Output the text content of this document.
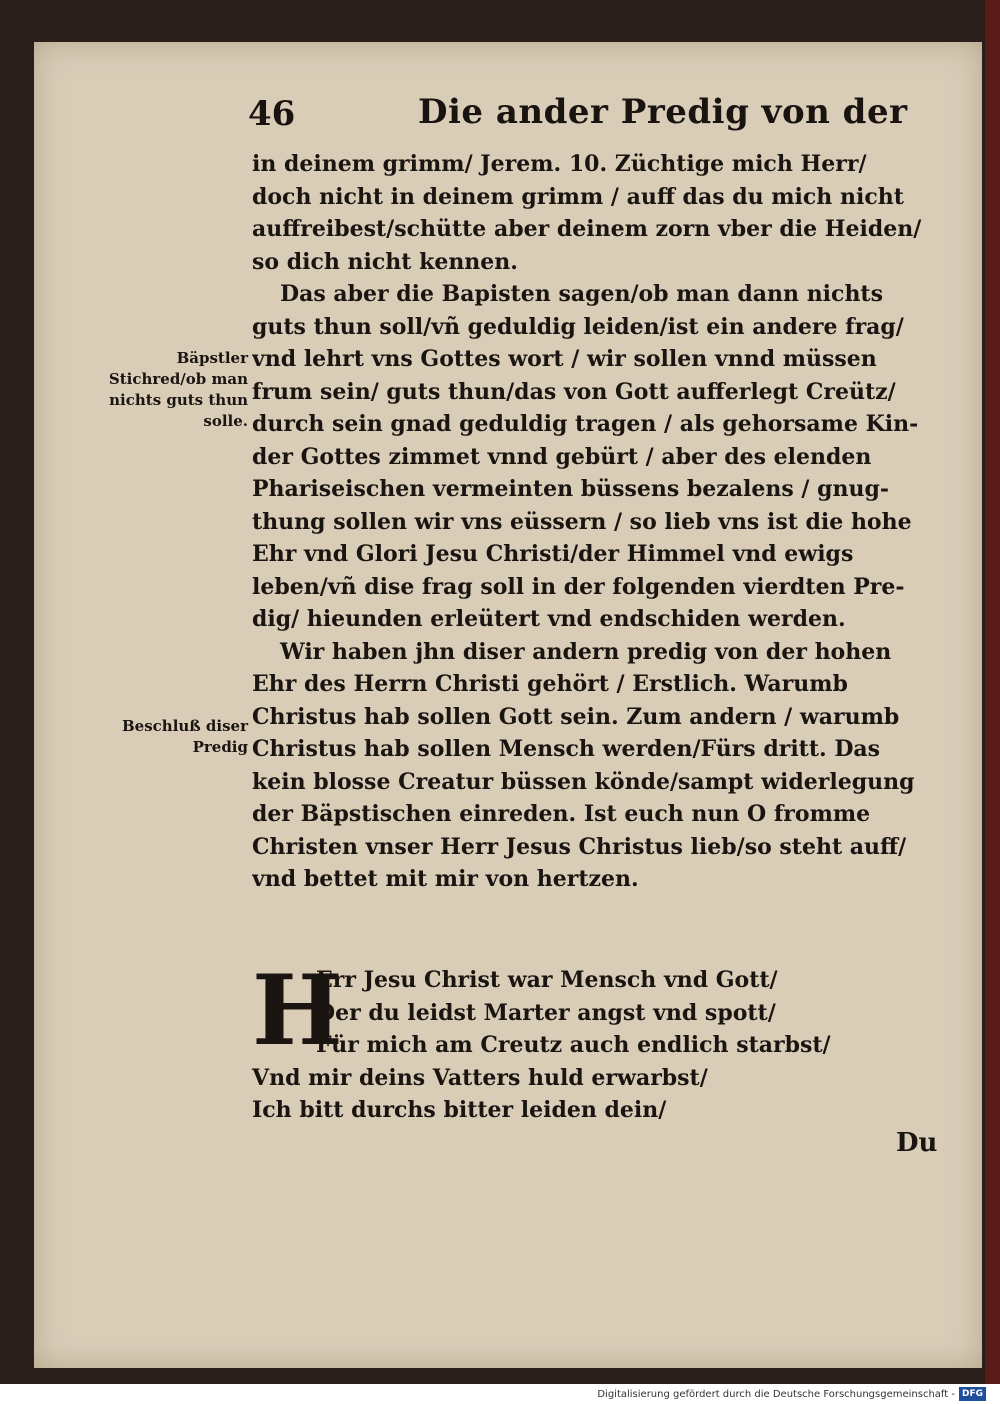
46	Die ander Predig von der
Bäpstler Stichred/ob man nichts guts thun solle.
Beschluß diser Predig
in deinem grimm/ Jerem. 10. Züchtige mich Herr/
doch nicht in deinem grimm / auff das du mich nicht
auffreibest/schütte aber deinem zorn vber die Heiden/
so dich nicht kennen.
Das aber die Bapisten sagen/ob man dann nichts
guts thun soll/vñ geduldig leiden/ist ein andere frag/
vnd lehrt vns Gottes wort / wir sollen vnnd müssen
frum sein/ guts thun/das von Gott aufferlegt Creütz/
durch sein gnad geduldig tragen / als gehorsame Kin-
der Gottes zimmet vnnd gebürt / aber des elenden
Phariseischen vermeinten büssens bezalens / gnug-
thung sollen wir vns eüssern / so lieb vns ist die hohe
Ehr vnd Glori Jesu Christi/der Himmel vnd ewigs
leben/vñ dise frag soll in der folgenden vierdten Pre-
dig/ hieunden erleütert vnd endschiden werden.
Wir haben jhn diser andern predig von der hohen
Ehr des Herrn Christi gehört / Erstlich. Warumb
Christus hab sollen Gott sein. Zum andern / warumb
Christus hab sollen Mensch werden/Fürs dritt. Das
kein blosse Creatur büssen könde/sampt widerlegung
der Bäpstischen einreden. Ist euch nun O fromme
Christen vnser Herr Jesus Christus lieb/so steht auff/
vnd bettet mit mir von hertzen.
H
Err Jesu Christ war Mensch vnd Gott/
Der du leidst Marter angst vnd spott/
Für mich am Creutz auch endlich starbst/
Vnd mir deins Vatters huld erwarbst/
Ich bitt durchs bitter leiden dein/
Du
Digitalisierung gefördert durch die Deutsche Forschungsgemeinschaft - DFG
